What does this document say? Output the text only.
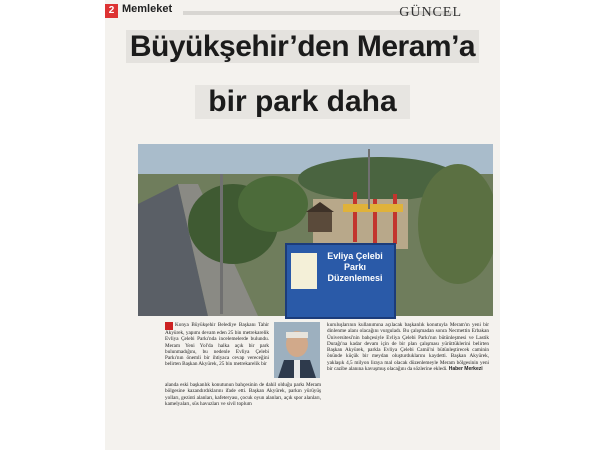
2 Memleket	GÜNCEL
Büyükşehir’den Meram’a
bir park daha
Evliya Çelebi Parkı Düzenlemesi
Konya Büyükşehir Belediye Başkanı Tahir Akyürek, yapımı devam eden 25 bin metrekarelik Evliya Çelebi Parkı'nda incelemelerde bulundu. Meram Yeni Yol'da halka açık bir park bulunmadığını, bu nedenle Evliya Çelebi Parkı'nın önemli bir ihtiyaca cevap vereceğini belirten Başkan Akyürek, 25 bin metrekarelik bir
alanda eski başkanlık konutunun bahçesinin de dahil olduğu parkı Meram bölgesine kazandırdıklarını ifade etti. Başkan Akyürek, parkın yürüyüş yolları, gezinti alanları, kafeteryası, çocuk oyun alanları, açık spor alanları, kamelyaları, süs havuzları ve sivil toplum
kuruluşlarının kullanımına açılacak başkanlık konutuyla Meram'ın yeni bir dinlenme alanı olacağını vurguladı. Bu çalışmadan sonra Necmettin Erbakan Üniversitesi'nin bahçesiyle Evliya Çelebi Parkı'nın bütünleşmesi ve Lastik Durağı'na kadar devam için de bir plan çalışması yürüttüklerini belirten Başkan Akyürek, parkla Evliya Çelebi Camii'ni bütünleştirecek caminin önünde küçük bir meydan oluşturduklarını kaydetti. Başkan Akyürek, yaklaşık 4,5 milyon liraya mal olacak düzenlemeyle Meram bölgesinin yeni bir cazibe alanına kavuşmuş olacağını da sözlerine ekledi. Haber Merkezi
